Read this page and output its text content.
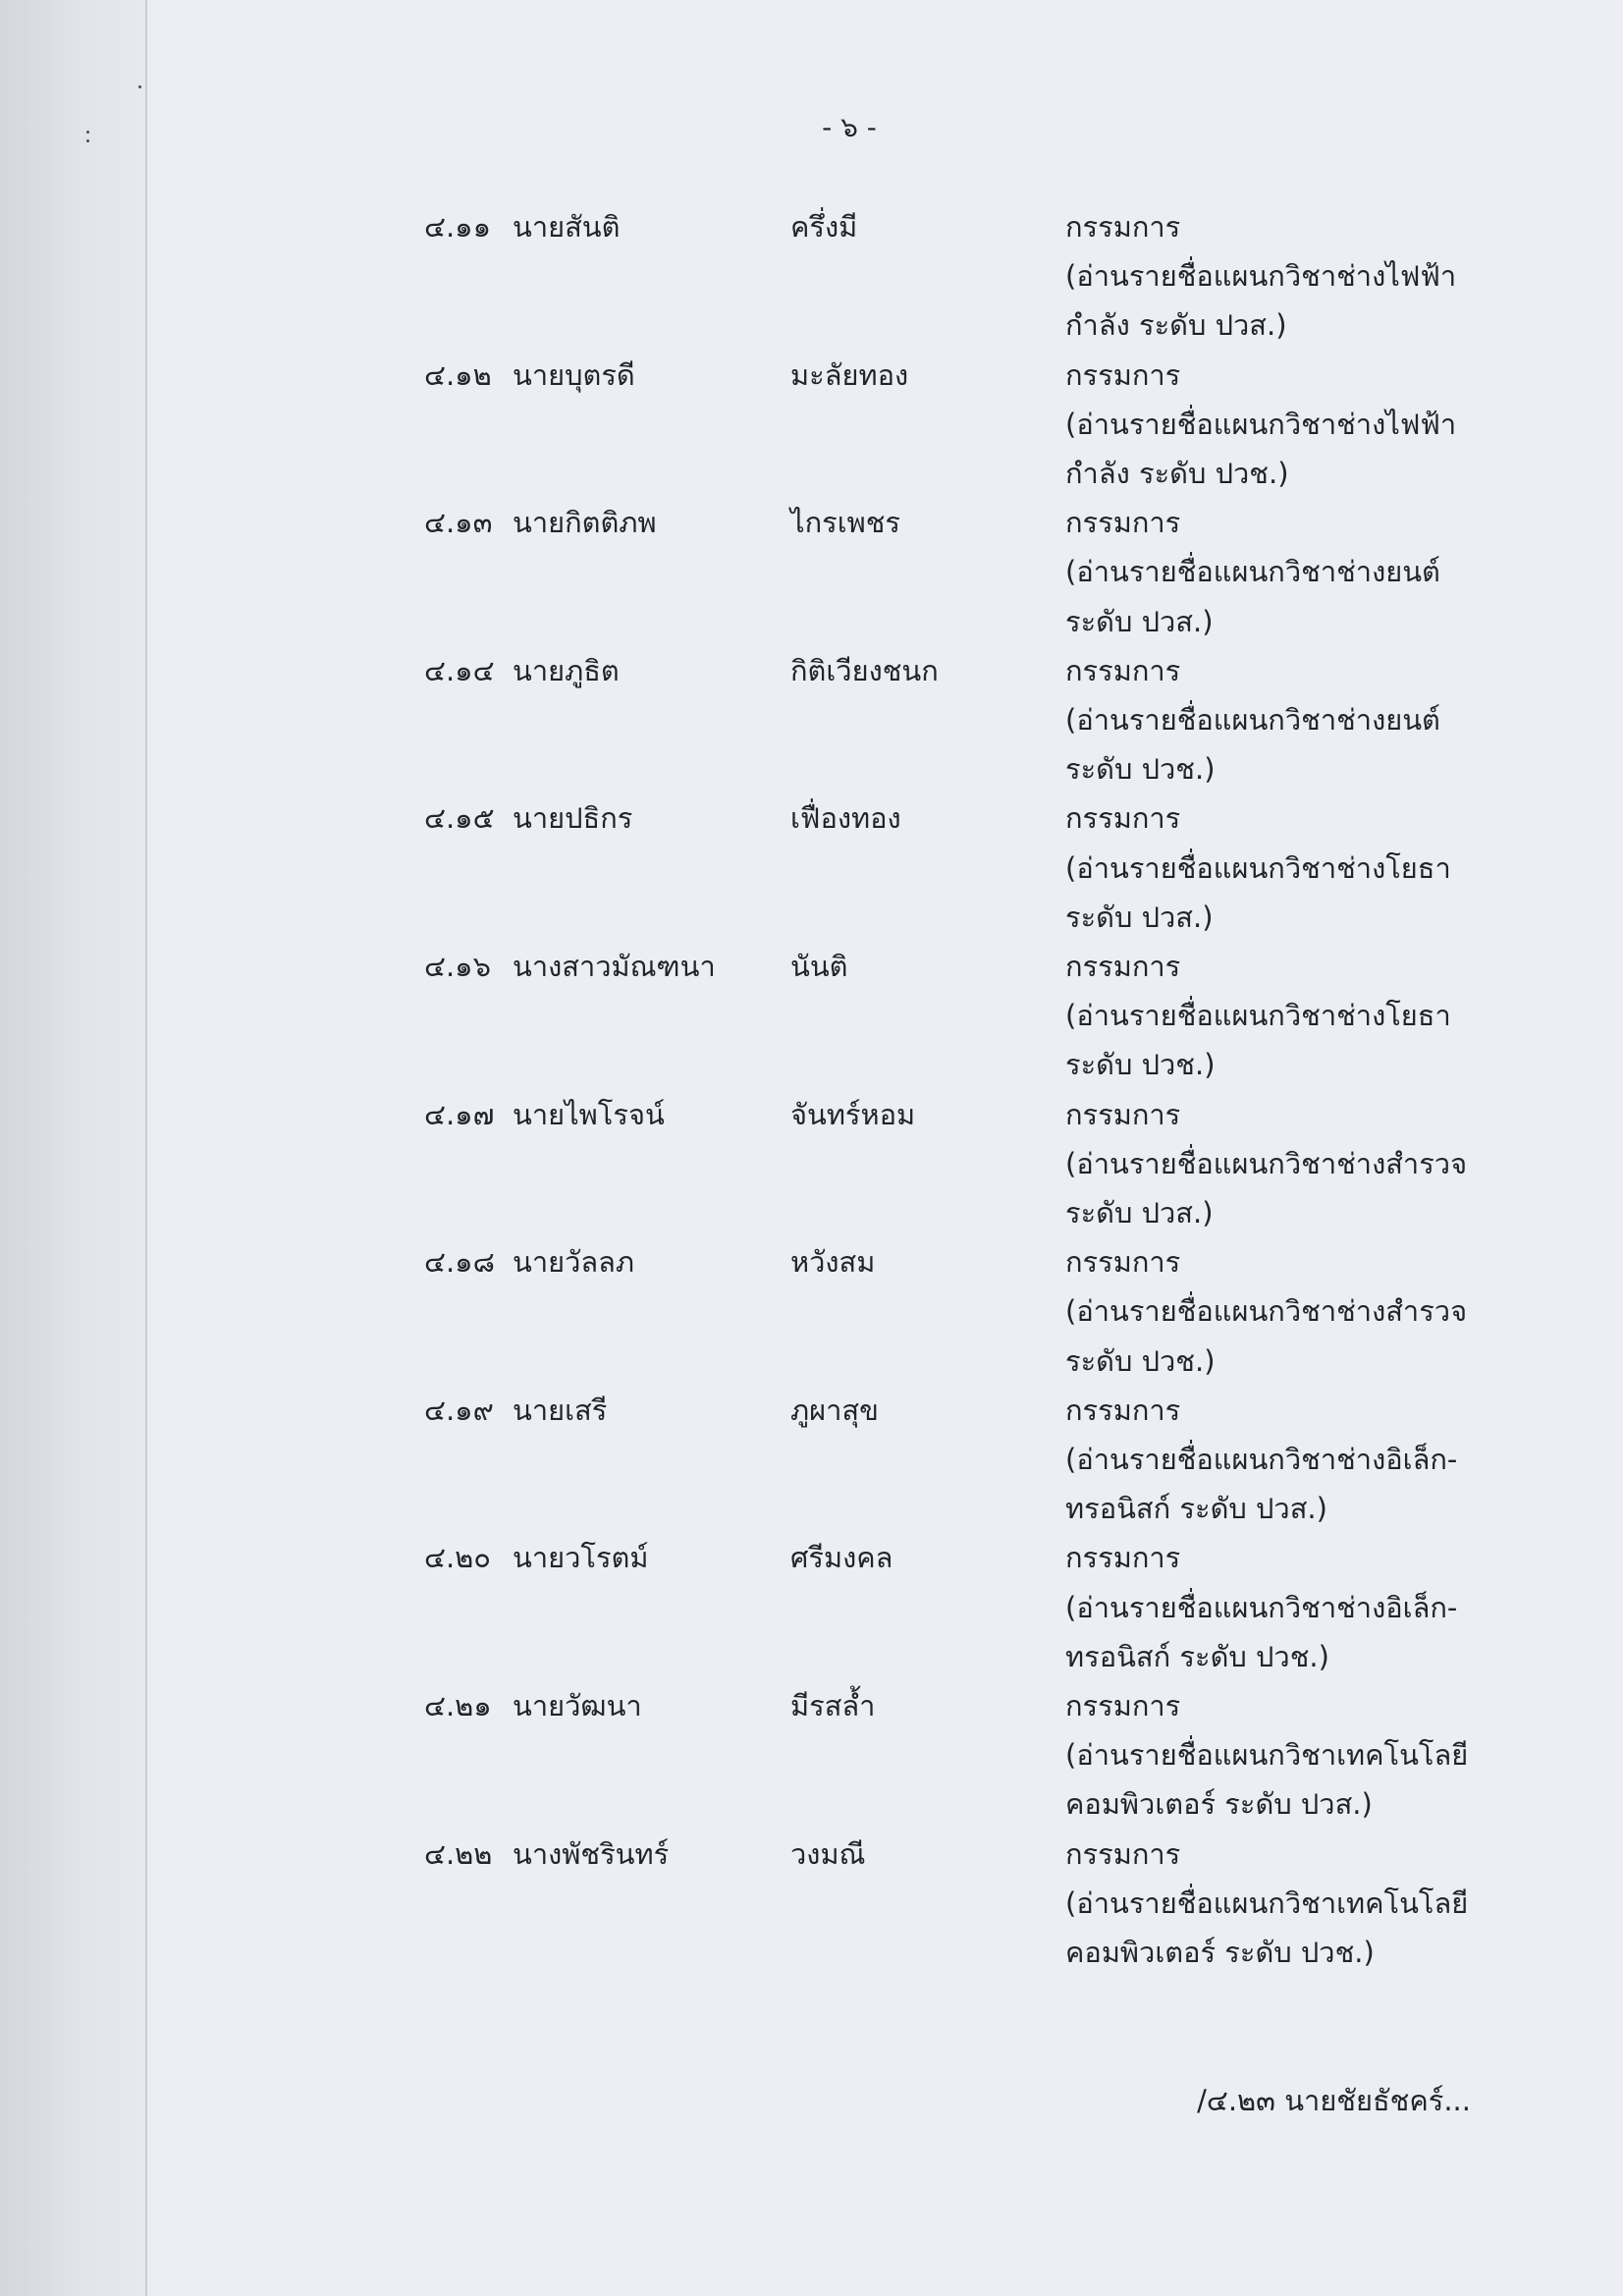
- ๖ -
๔.๑๑ นายสันติ	ครึ่งมี	กรรมการ
(อ่านรายชื่อแผนกวิชาช่างไฟฟ้า
กำลัง ระดับ ปวส.)
๔.๑๒ นายบุตรดี	มะลัยทอง	กรรมการ
(อ่านรายชื่อแผนกวิชาช่างไฟฟ้า
กำลัง ระดับ ปวช.)
๔.๑๓ นายกิตติภพ	ไกรเพชร	กรรมการ
(อ่านรายชื่อแผนกวิชาช่างยนต์
ระดับ ปวส.)
๔.๑๔ นายภูธิต	กิติเวียงชนก	กรรมการ
(อ่านรายชื่อแผนกวิชาช่างยนต์
ระดับ ปวช.)
๔.๑๕ นายปธิกร	เฟื่องทอง	กรรมการ
(อ่านรายชื่อแผนกวิชาช่างโยธา
ระดับ ปวส.)
๔.๑๖ นางสาวมัณฑนา	นันติ	กรรมการ
(อ่านรายชื่อแผนกวิชาช่างโยธา
ระดับ ปวช.)
๔.๑๗ นายไพโรจน์	จันทร์หอม	กรรมการ
(อ่านรายชื่อแผนกวิชาช่างสำรวจ
ระดับ ปวส.)
๔.๑๘ นายวัลลภ	หวังสม	กรรมการ
(อ่านรายชื่อแผนกวิชาช่างสำรวจ
ระดับ ปวช.)
๔.๑๙ นายเสรี	ภูผาสุข	กรรมการ
(อ่านรายชื่อแผนกวิชาช่างอิเล็ก-
ทรอนิสก์ ระดับ ปวส.)
๔.๒๐ นายวโรตม์	ศรีมงคล	กรรมการ
(อ่านรายชื่อแผนกวิชาช่างอิเล็ก-
ทรอนิสก์ ระดับ ปวช.)
๔.๒๑ นายวัฒนา	มีรสล้ำ	กรรมการ
(อ่านรายชื่อแผนกวิชาเทคโนโลยี
คอมพิวเตอร์ ระดับ ปวส.)
๔.๒๒ นางพัชรินทร์	วงมณี	กรรมการ
(อ่านรายชื่อแผนกวิชาเทคโนโลยี
คอมพิวเตอร์ ระดับ ปวช.)
/๔.๒๓ นายชัยธัชคร์...
